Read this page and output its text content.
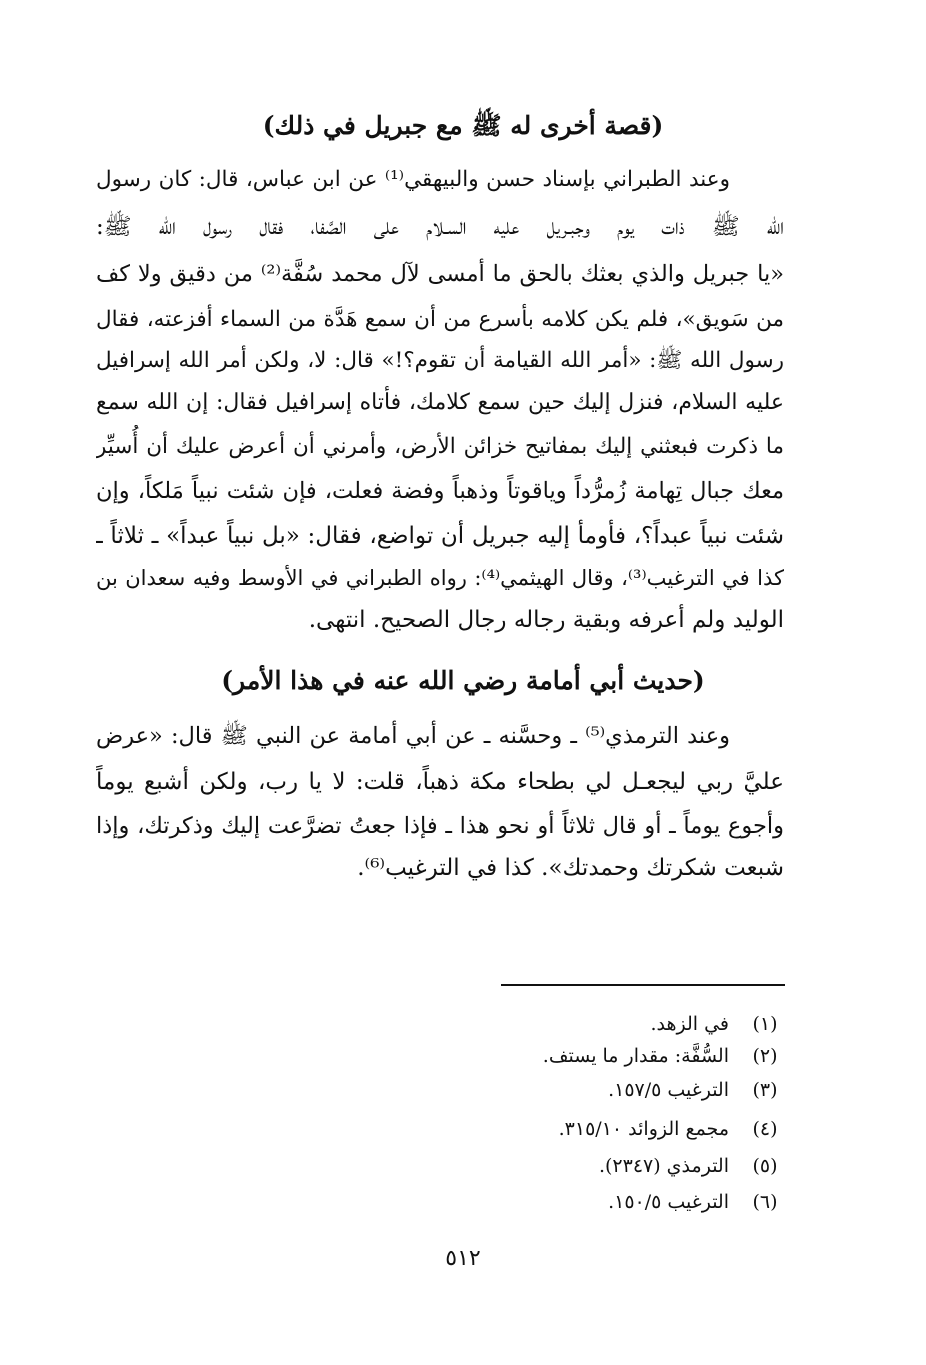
(قصة أخرى له ﷺ مع جبريل في ذلك)
وعند الطبراني بإسناد حسن والبيهقي⁽¹⁾ عن ابن عباس، قال: كان رسول
الله ﷺ ذات يوم وجبـريل عليه السـلام على الصَّفا، فقال رسول الله ﷺ:
«يا جبريل والذي بعثك بالحق ما أمسى لآل محمد سُفَّة⁽²⁾ من دقيق ولا كف
من سَويق»، فلم يكن كلامه بأسرع من أن سمع هَدَّة من السماء أفزعته، فقال
رسول الله ﷺ: «أمر الله القيامة أن تقوم؟!» قال: لا، ولكن أمر الله إسرافيل
عليه السلام، فنزل إليك حين سمع كلامك، فأتاه إسرافيل فقال: إن الله سمع
ما ذكرت فبعثني إليك بمفاتيح خزائن الأرض، وأمرني أن أعرض عليك أن أُسيِّر
معك جبال تِهامة زُمرُّداً وياقوتاً وذهباً وفضة فعلت، فإن شئت نبياً مَلكاً، وإن
شئت نبياً عبداً؟، فأومأ إليه جبريل أن تواضع، فقال: «بل نبياً عبداً» ـ ثلاثاً ـ
كذا في الترغيب⁽³⁾، وقال الهيثمي⁽⁴⁾: رواه الطبراني في الأوسط وفيه سعدان بن
الوليد ولم أعرفه وبقية رجاله رجال الصحيح. انتهى.
(حديث أبي أمامة رضي الله عنه في هذا الأمر)
وعند الترمذي⁽⁵⁾ ـ وحسَّنه ـ عن أبي أمامة عن النبي ﷺ قال: «عرض
عليَّ ربي ليجعـل لي بطحاء مكة ذهباً، قلت: لا يا رب، ولكن أشبع يوماً
وأجوع يوماً ـ أو قال ثلاثاً أو نحو هذا ـ فإذا جعتُ تضرَّعت إليك وذكرتك، وإذا
شبعت شكرتك وحمدتك». كذا في الترغيب⁽⁶⁾.
(١)
في الزهد.
(٢)
السُّفَّة: مقدار ما يستف.
(٣)
الترغيب ١٥٧/٥.
(٤)
مجمع الزوائد ٣١٥/١٠.
(٥)
الترمذي (٢٣٤٧).
(٦)
الترغيب ١٥٠/٥.
٥١٢
